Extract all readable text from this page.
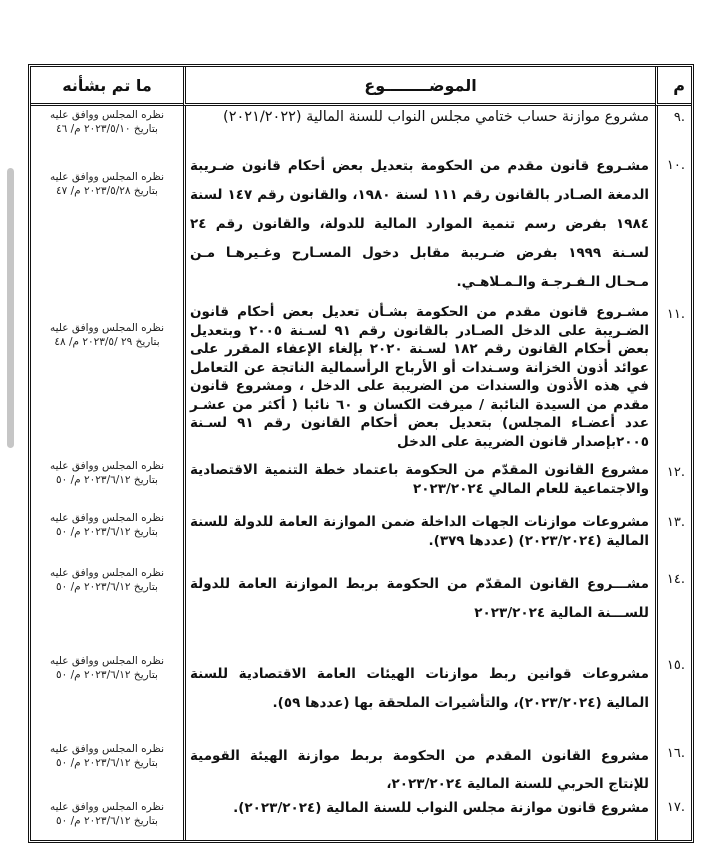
م	الموضــــــــوع	ما تم بشأنه
.٩	مشروع موازنة حساب ختامي مجلس النواب للسنة المالية (٢٠٢١/٢٠٢٢)	نظره المجلس ووافق عليه
بتاريخ ٢٠٢٣/٥/١٠ م/ ٤٦

.١٠	مشـروع قانون مقدم من الحكومة بتعديل بعض أحكام قانون ضـريبة الدمغة الصـادر بالقانون رقم ١١١ لسنة ١٩٨٠، والقانون رقم ١٤٧ لسنة ١٩٨٤ بفرض رسم تنمية الموارد المالية للدولة، والقانون رقم ٢٤ لسـنة ١٩٩٩ بفرض ضـريبة مقابل دخول المسـارح وغـيرهـا مـن مـحـال الـفـرجـة والـمـلاهـي.	نظره المجلس ووافق عليه
بتاريخ ٢٠٢٣/٥/٢٨ م/ ٤٧

.١١	مشـروع قانون مقدم من الحكومة بشـأن تعديل بعض أحكام قانون الضـريبة على الدخل الصـادر بالقانون رقم ٩١ لسـنة ٢٠٠٥ وبتعديل بعض أحكام القانون رقم ١٨٢ لسـنة ٢٠٢٠ بإلغاء الإعفاء المقرر على عوائد أذون الخزانة وسـندات أو الأرباح الرأسمالية الناتجة عن التعامل في هذه الأذون والسندات من الضريبة على الدخل ، ومشروع قانون مقدم من السيدة النائبة / ميرفت الكسان و ٦٠ نائبا ( أكثر من عشـر عدد أعضـاء المجلس) بتعديل بعض أحكام القانون رقم ٩١ لسـنة ٢٠٠٥بإصدار قانون الضريبة على الدخل	نظره المجلس ووافق عليه
بتاريخ ٢٩ /٢٠٢٣/٥ م/ ٤٨

.١٢	مشروع القانون المقدّم من الحكومة باعتماد خطة التنمية الاقتصادية والاجتماعية للعام المالي ٢٠٢٣/٢٠٢٤	نظره المجلس ووافق عليه
بتاريخ ٢٠٢٣/٦/١٢ م/ ٥٠

.١٣	مشروعات موازنات الجهات الداخلة ضمن الموازنة العامة للدولة للسنة المالية (٢٠٢٣/٢٠٢٤) (عددها ٣٧٩).	نظره المجلس ووافق عليه
بتاريخ ٢٠٢٣/٦/١٢ م/ ٥٠

.١٤	مشـــروع القانون المقدّم من الحكومة بربط الموازنة العامة للدولة للســـنة المالية ٢٠٢٣/٢٠٢٤	نظره المجلس ووافق عليه
بتاريخ ٢٠٢٣/٦/١٢ م/ ٥٠

.١٥	مشروعات قوانين ربط موازنات الهيئات العامة الاقتصادية للسنة المالية (٢٠٢٣/٢٠٢٤)، والتأشيرات الملحقة بها (عددها ٥٩).	نظره المجلس ووافق عليه
بتاريخ ٢٠٢٣/٦/١٢ م/ ٥٠

.١٦	مشروع القانون المقدم من الحكومة بربط موازنة الهيئة القومية للإنتاج الحربي للسنة المالية ٢٠٢٣/٢٠٢٤،	نظره المجلس ووافق عليه
بتاريخ ٢٠٢٣/٦/١٢ م/ ٥٠

.١٧	مشروع قانون موازنة مجلس النواب للسنة المالية (٢٠٢٣/٢٠٢٤).	نظره المجلس ووافق عليه
بتاريخ ٢٠٢٣/٦/١٢ م/ ٥٠
